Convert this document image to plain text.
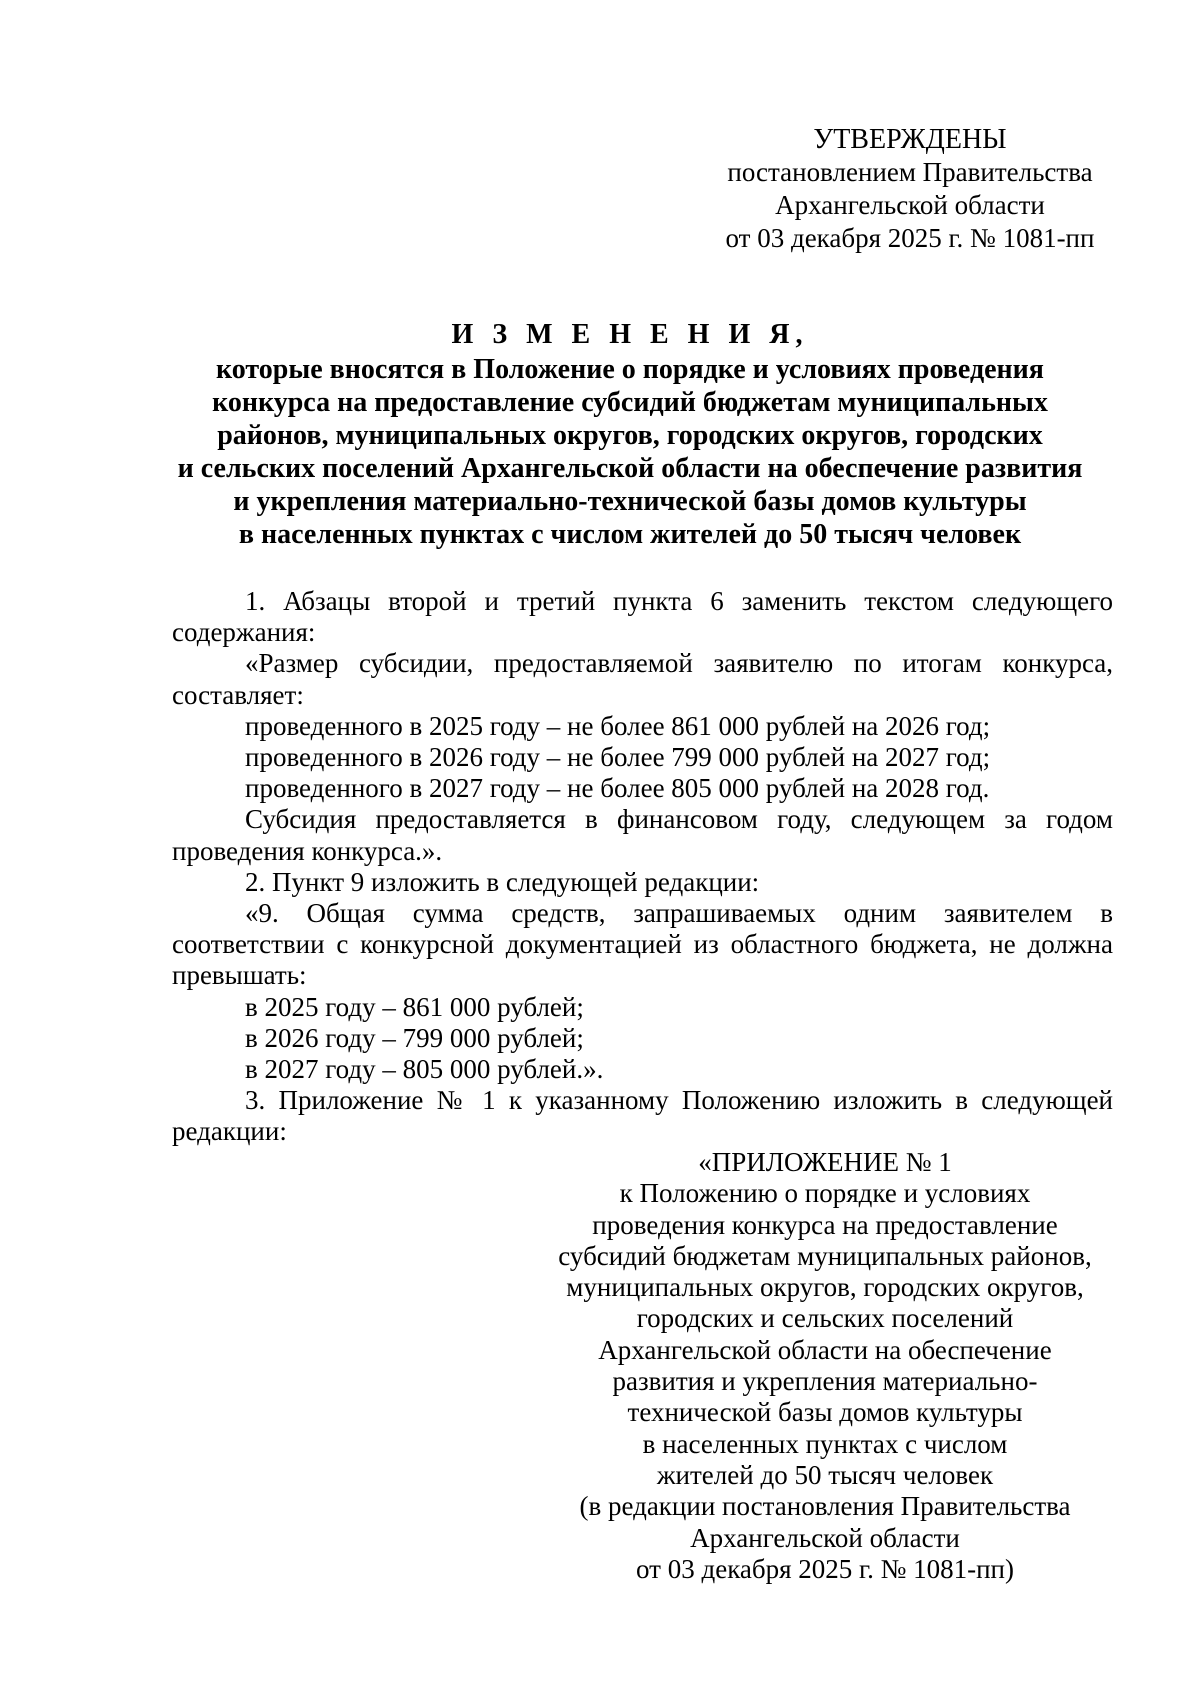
УТВЕРЖДЕНЫ
постановлением Правительства
Архангельской области
от 03 декабря 2025 г. № 1081-пп
И З М Е Н Е Н И Я,
которые вносятся в Положение о порядке и условиях проведения
конкурса на предоставление субсидий бюджетам муниципальных
районов, муниципальных округов, городских округов, городских
и сельских поселений Архангельской области на обеспечение развития
и укрепления материально-технической базы домов культуры
в населенных пунктах с числом жителей до 50 тысяч человек

1. Абзацы второй и третий пункта 6 заменить текстом следующего содержания:

«Размер субсидии, предоставляемой заявителю по итогам конкурса, составляет:

проведенного в 2025 году – не более 861 000 рублей на 2026 год;

проведенного в 2026 году – не более 799 000 рублей на 2027 год;

проведенного в 2027 году – не более 805 000 рублей на 2028 год.

Субсидия предоставляется в финансовом году, следующем за годом проведения конкурса.».

2. Пункт 9 изложить в следующей редакции:

«9. Общая сумма средств, запрашиваемых одним заявителем в соответствии с конкурсной документацией из областного бюджета, не должна превышать:

в 2025 году – 861 000 рублей;

в 2026 году – 799 000 рублей;

в 2027 году – 805 000 рублей.».

3. Приложение № 1 к указанному Положению изложить в следующей редакции:

«ПРИЛОЖЕНИЕ № 1
к Положению о порядке и условиях
проведения конкурса на предоставление
субсидий бюджетам муниципальных районов,
муниципальных округов, городских округов,
городских и сельских поселений
Архангельской области на обеспечение
развития и укрепления материально-
технической базы домов культуры
в населенных пунктах с числом
жителей до 50 тысяч человек
(в редакции постановления Правительства
Архангельской области
от 03 декабря 2025 г. № 1081-пп)
